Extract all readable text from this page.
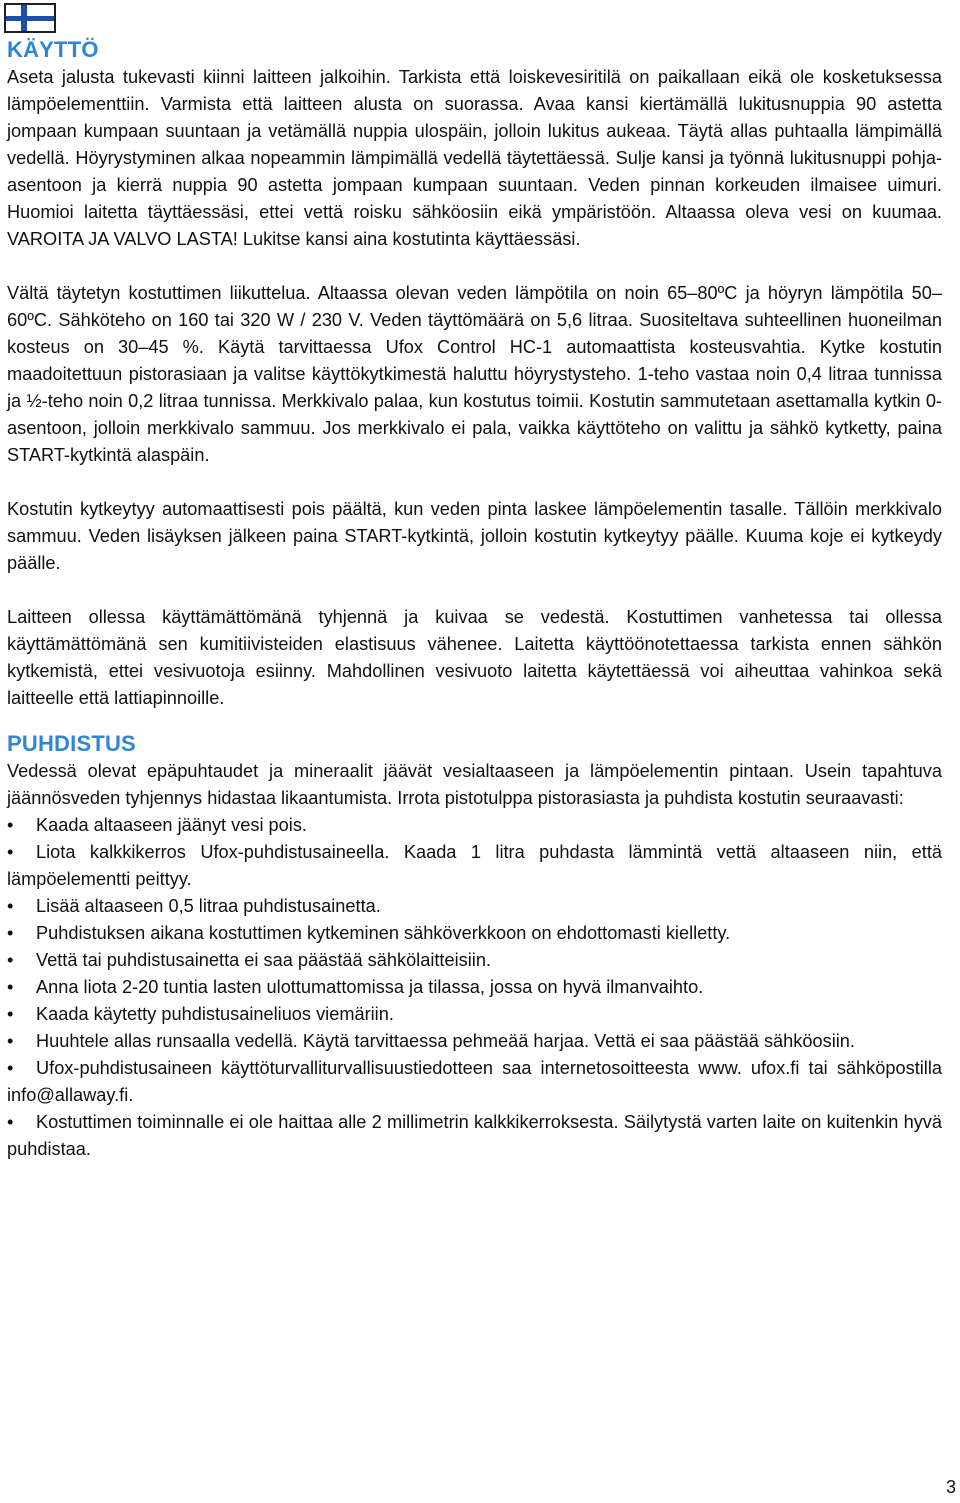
KÄYTTÖ

Aseta jalusta tukevasti kiinni laitteen jalkoihin. Tarkista että loiskevesiritilä on paikallaan eikä ole kosketuksessa lämpöelementtiin. Varmista että laitteen alusta on suorassa. Avaa kansi kiertämällä lukitusnuppia 90 astetta jompaan kumpaan suuntaan ja vetämällä nuppia ulospäin, jolloin lukitus aukeaa. Täytä allas puhtaalla lämpimällä vedellä. Höyrystyminen alkaa nopeammin lämpimällä vedellä täytettäessä. Sulje kansi ja työnnä lukitusnuppi pohja-asentoon ja kierrä nuppia 90 astetta jompaan kumpaan suuntaan. Veden pinnan korkeuden ilmaisee uimuri. Huomioi laitetta täyttäessäsi, ettei vettä roisku sähköosiin eikä ympäristöön. Altaassa oleva vesi on kuumaa. VAROITA JA VALVO LASTA! Lukitse kansi aina kostutinta käyttäessäsi.

Vältä täytetyn kostuttimen liikuttelua. Altaassa olevan veden lämpötila on noin 65–80ºC ja höyryn lämpötila 50–60ºC. Sähköteho on 160 tai 320 W / 230 V. Veden täyttömäärä on 5,6 litraa. Suositeltava suhteellinen huoneilman kosteus on 30–45 %. Käytä tarvittaessa Ufox Control HC-1 automaattista kosteusvahtia. Kytke kostutin maadoitettuun pistorasiaan ja valitse käyttökytkimestä haluttu höyrystysteho. 1-teho vastaa noin 0,4 litraa tunnissa ja ½-teho noin 0,2 litraa tunnissa. Merkkivalo palaa, kun kostutus toimii. Kostutin sammutetaan asettamalla kytkin 0-asentoon, jolloin merkkivalo sammuu. Jos merkkivalo ei pala, vaikka käyttöteho on valittu ja sähkö kytketty, paina START-kytkintä alaspäin.

Kostutin kytkeytyy automaattisesti pois päältä, kun veden pinta laskee lämpöelementin tasalle. Tällöin merkkivalo sammuu. Veden lisäyksen jälkeen paina START-kytkintä, jolloin kostutin kytkeytyy päälle. Kuuma koje ei kytkeydy päälle.

Laitteen ollessa käyttämättömänä tyhjennä ja kuivaa se vedestä. Kostuttimen vanhetessa tai ollessa käyttämättömänä sen kumitiivisteiden elastisuus vähenee. Laitetta käyttöönotettaessa tarkista ennen sähkön kytkemistä, ettei vesivuotoja esiinny. Mahdollinen vesivuoto laitetta käytettäessä voi aiheuttaa vahinkoa sekä laitteelle että lattiapinnoille.

PUHDISTUS

Vedessä olevat epäpuhtaudet ja mineraalit jäävät vesialtaaseen ja lämpöelementin pintaan. Usein tapahtuva jäännösveden tyhjennys hidastaa likaantumista. Irrota pistotulppa pistorasiasta ja puhdista kostutin seuraavasti:

• Kaada altaaseen jäänyt vesi pois.

• Liota kalkkikerros Ufox-puhdistusaineella. Kaada 1 litra puhdasta lämmintä vettä altaaseen niin, että lämpöelementti peittyy.

• Lisää altaaseen 0,5 litraa puhdistusainetta.

• Puhdistuksen aikana kostuttimen kytkeminen sähköverkkoon on ehdottomasti kielletty.

• Vettä tai puhdistusainetta ei saa päästää sähkölaitteisiin.

• Anna liota 2-20 tuntia lasten ulottumattomissa ja tilassa, jossa on hyvä ilmanvaihto.

• Kaada käytetty puhdistusaineliuos viemäriin.

• Huuhtele allas runsaalla vedellä. Käytä tarvittaessa pehmeää harjaa. Vettä ei saa päästää sähköosiin.

• Ufox-puhdistusaineen käyttöturvalliturvallisuustiedotteen saa internetosoitteesta www. ufox.fi tai sähköpostilla info@allaway.fi.

• Kostuttimen toiminnalle ei ole haittaa alle 2 millimetrin kalkkikerroksesta. Säilytystä varten laite on kuitenkin hyvä puhdistaa.

3
